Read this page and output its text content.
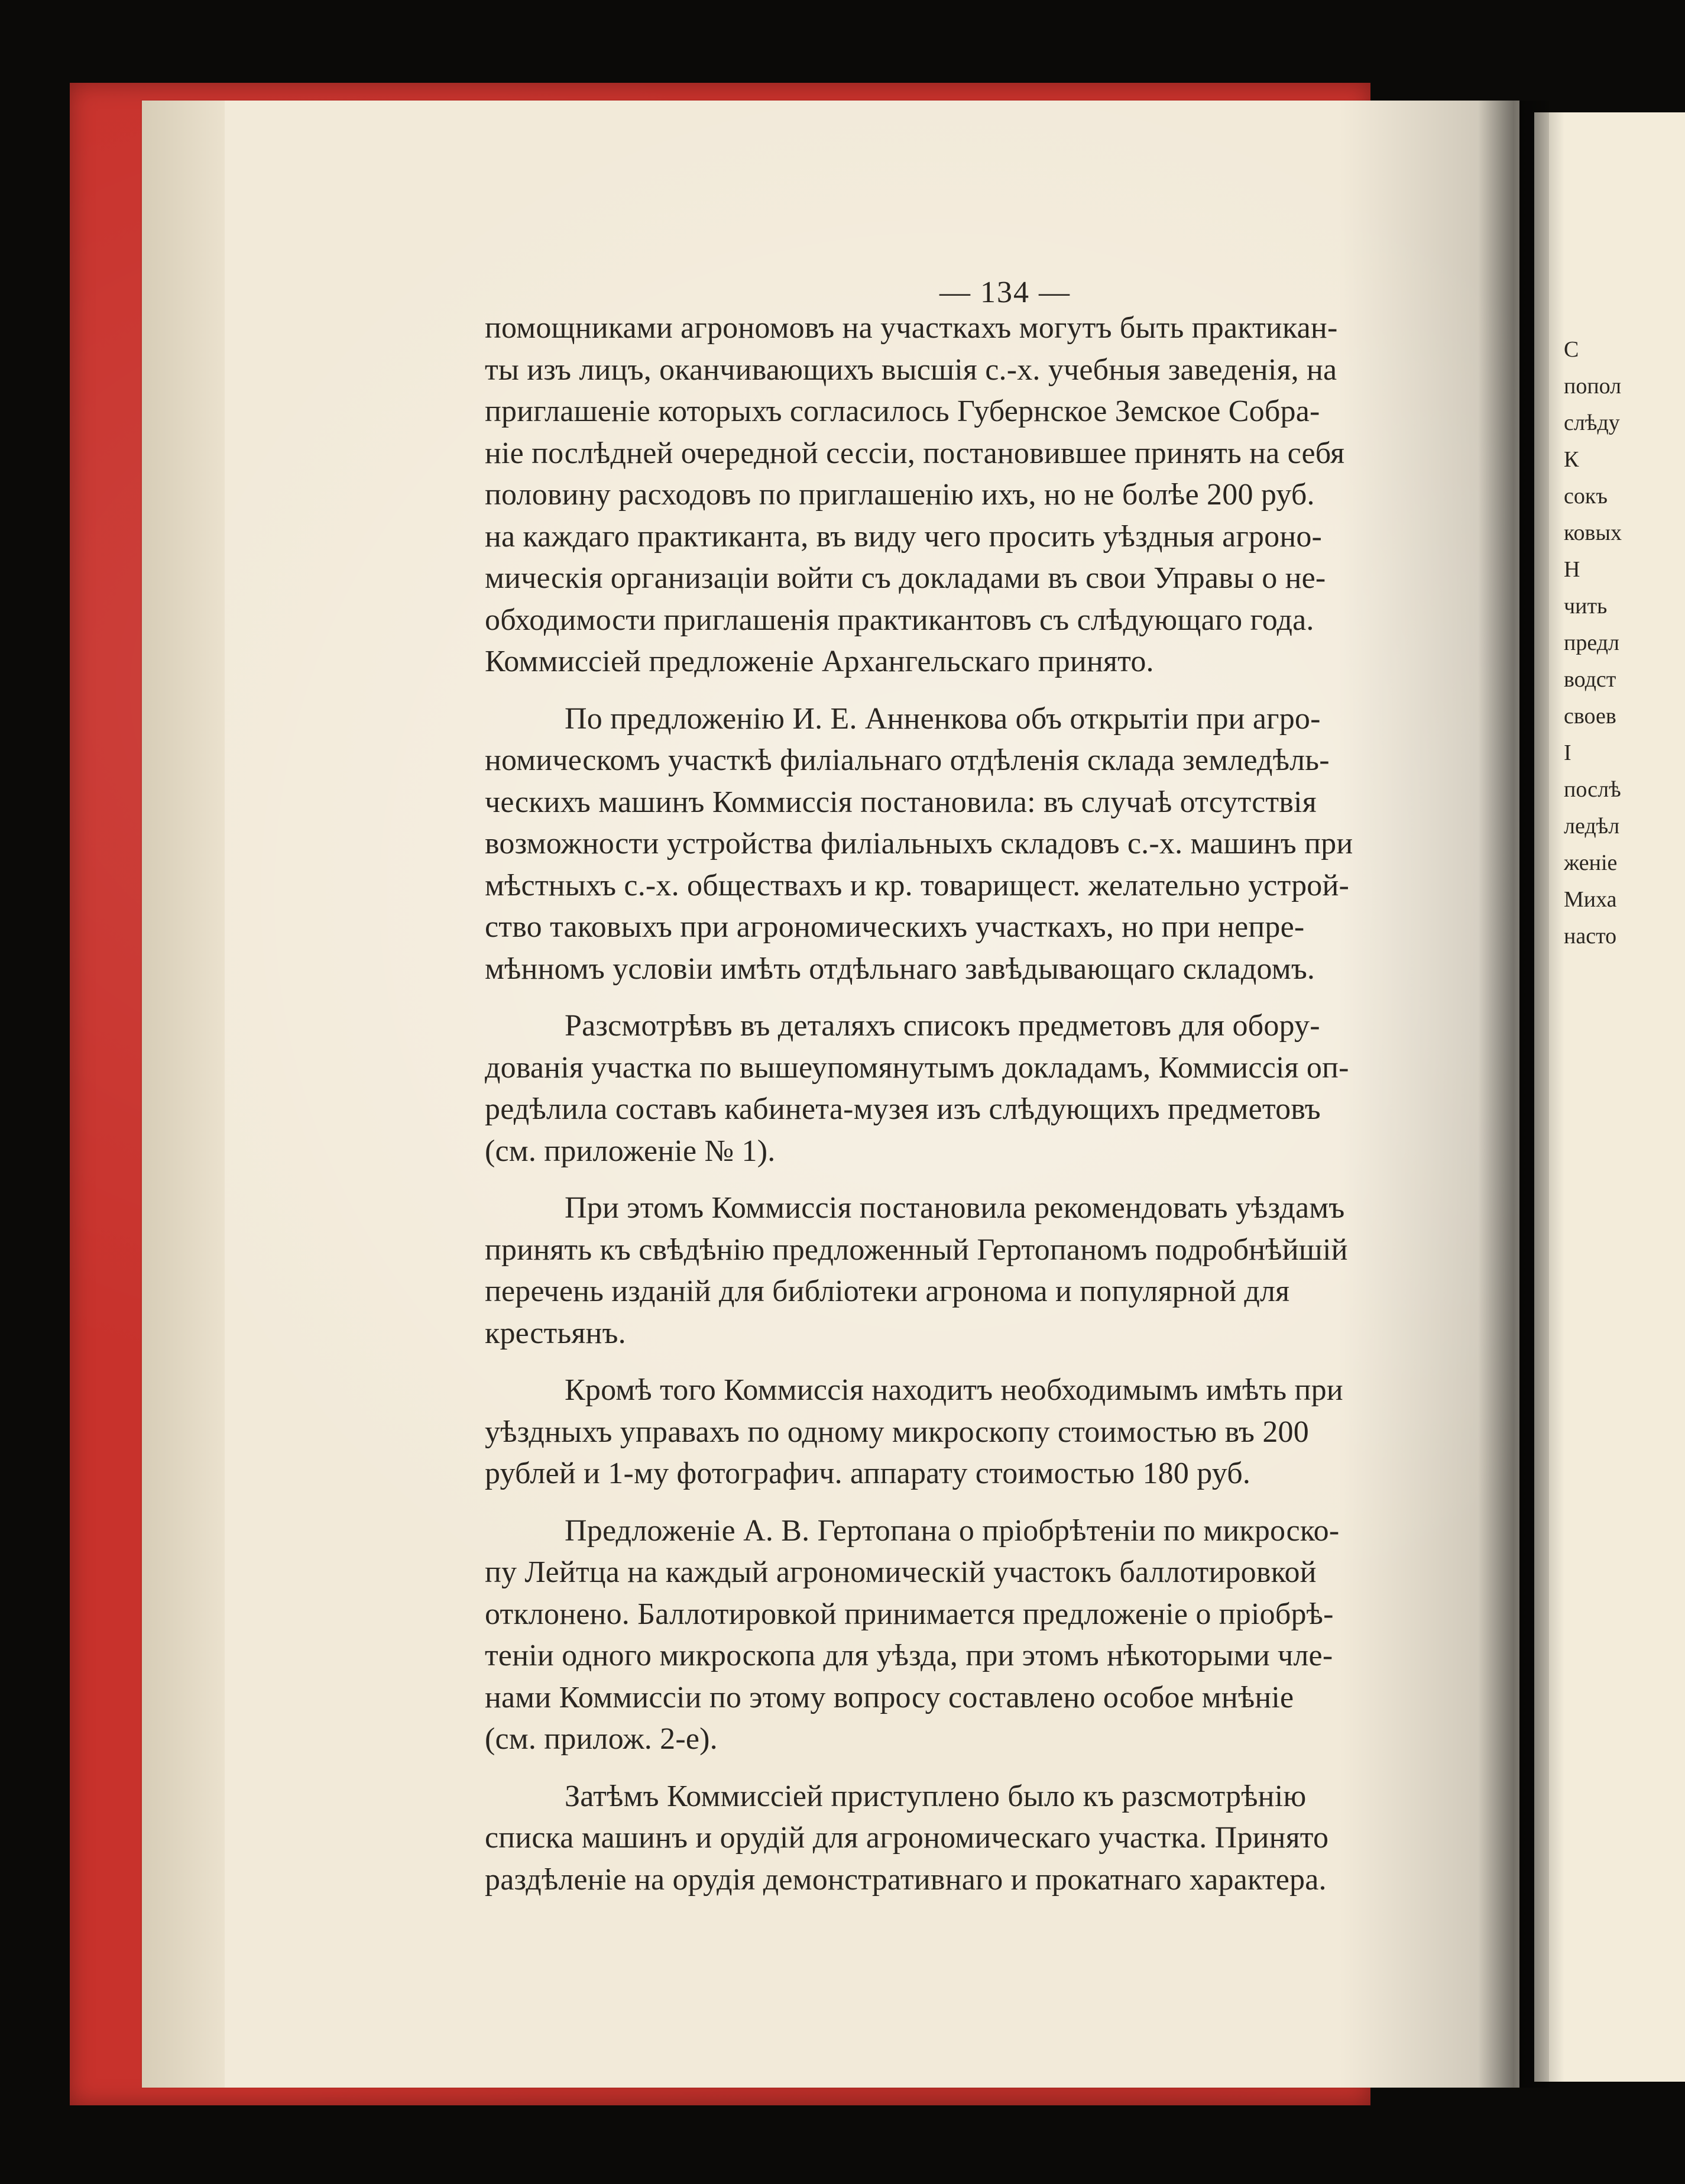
— 134 —
помощниками агрономовъ на участкахъ могутъ быть практикан-
ты изъ лицъ, оканчивающихъ высшiя с.-х. учебныя заведенiя, на
приглашенiе которыхъ согласилось Губернское Земское Собра-
нiе послѣдней очередной сессiи, постановившее принять на себя
половину расходовъ по приглашенiю ихъ, но не болѣе 200 руб.
на каждаго практиканта, въ виду чего просить уѣздныя агроно-
мическiя организацiи войти съ докладами въ свои Управы о не-
обходимости приглашенiя практикантовъ съ слѣдующаго года.
Коммиссiей предложенiе Архангельскаго принято.
По предложенiю И. Е. Анненкова объ открытiи при агро-
номическомъ участкѣ филiальнаго отдѣленiя склада земледѣль-
ческихъ машинъ Коммиссiя постановила: въ случаѣ отсутствiя
возможности устройства филiальныхъ складовъ с.-х. машинъ при
мѣстныхъ с.-х. обществахъ и кр. товарищест. желательно устрой-
ство таковыхъ при агрономическихъ участкахъ, но при непре-
мѣнномъ условiи имѣть отдѣльнаго завѣдывающаго складомъ.
Разсмотрѣвъ въ деталяхъ списокъ предметовъ для обору-
дованiя участка по вышеупомянутымъ докладамъ, Коммиссiя оп-
редѣлила составъ кабинета-музея изъ слѣдующихъ предметовъ
(см. приложенiе № 1).
При этомъ Коммиссiя постановила рекомендовать уѣздамъ
принять къ свѣдѣнiю предложенный Гертопаномъ подробнѣйшiй
перечень изданiй для библiотеки агронома и популярной для
крестьянъ.
Кромѣ того Коммиссiя находитъ необходимымъ имѣть при
уѣздныхъ управахъ по одному микроскопу стоимостью въ 200
рублей и 1-му фотографич. аппарату стоимостью 180 руб.
Предложенiе А. В. Гертопана о прiобрѣтенiи по микроско-
пу Лейтца на каждый агрономическiй участокъ баллотировкой
отклонено. Баллотировкой принимается предложенiе о прiобрѣ-
тенiи одного микроскопа для уѣзда, при этомъ нѣкоторыми чле-
нами Коммиссiи по этому вопросу составлено особое мнѣнiе
(см. прилож. 2-е).
Затѣмъ Коммиссiей приступлено было къ разсмотрѣнiю
списка машинъ и орудiй для агрономическаго участка. Принято
раздѣленiе на орудiя демонстративнаго и прокатнаго характера.
С
попол
слѣду
К
сокъ
ковых
Н
чить
предл
водст
своев
І
послѣ
ледѣл
женiе
Миха
насто
